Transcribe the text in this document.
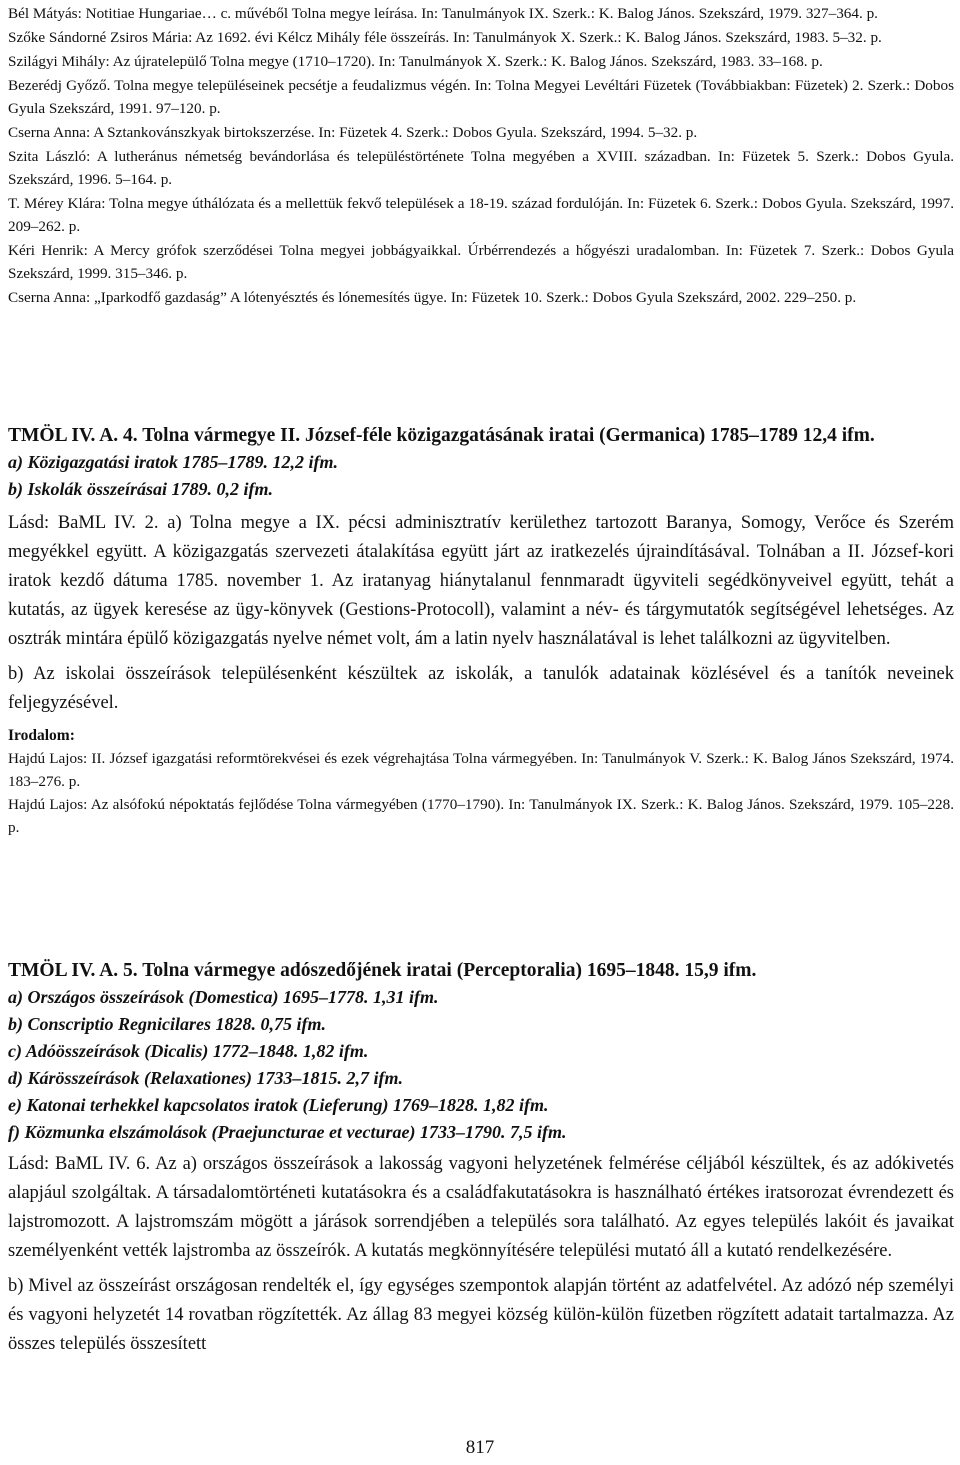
Bél Mátyás: Notitiae Hungariae… c. művéből Tolna megye leírása. In: Tanulmányok IX. Szerk.: K. Balog János. Szekszárd, 1979. 327–364. p.

Szőke Sándorné Zsiros Mária: Az 1692. évi Kélcz Mihály féle összeírás. In: Tanulmányok X. Szerk.: K. Balog János. Szekszárd, 1983. 5–32. p.

Szilágyi Mihály: Az újratelepülő Tolna megye (1710–1720). In: Tanulmányok X. Szerk.: K. Balog János. Szekszárd, 1983. 33–168. p.

Bezerédj Győző. Tolna megye településeinek pecsétje a feudalizmus végén. In: Tolna Megyei Levéltári Füzetek (Továbbiakban: Füzetek) 2. Szerk.: Dobos Gyula Szekszárd, 1991. 97–120. p.

Cserna Anna: A Sztankovánszkyak birtokszerzése. In: Füzetek 4. Szerk.: Dobos Gyula. Szekszárd, 1994. 5–32. p.

Szita László: A lutheránus németség bevándorlása és településtörténete Tolna megyében a XVIII. században. In: Füzetek 5. Szerk.: Dobos Gyula. Szekszárd, 1996. 5–164. p.

T. Mérey Klára: Tolna megye úthálózata és a mellettük fekvő települések a 18-19. század fordulóján. In: Füzetek 6. Szerk.: Dobos Gyula. Szekszárd, 1997. 209–262. p.

Kéri Henrik: A Mercy grófok szerződései Tolna megyei jobbágyaikkal. Úrbérrendezés a hőgyészi uradalomban. In: Füzetek 7. Szerk.: Dobos Gyula Szekszárd, 1999. 315–346. p.

Cserna Anna: „Iparkodfő gazdaság” A lótenyésztés és lónemesítés ügye. In: Füzetek 10. Szerk.: Dobos Gyula Szekszárd, 2002. 229–250. p.

TMÖL IV. A. 4. Tolna vármegye II. József-féle közigazgatásának iratai (Germanica) 1785–1789 12,4 ifm.

a) Közigazgatási iratok 1785–1789. 12,2 ifm.

b) Iskolák összeírásai 1789. 0,2 ifm.

Lásd: BaML IV. 2. a) Tolna megye a IX. pécsi adminisztratív kerülethez tartozott Baranya, Somogy, Verőce és Szerém megyékkel együtt. A közigazgatás szervezeti átalakítása együtt járt az iratkezelés újraindításával. Tolnában a II. József-kori iratok kezdő dátuma 1785. november 1. Az iratanyag hiánytalanul fennmaradt ügyviteli segédkönyveivel együtt, tehát a kutatás, az ügyek keresése az ügy-könyvek (Gestions-Protocoll), valamint a név- és tárgymutatók segítségével lehetséges. Az osztrák mintára épülő közigazgatás nyelve német volt, ám a latin nyelv használatával is lehet találkozni az ügyvitelben.

b) Az iskolai összeírások településenként készültek az iskolák, a tanulók adatainak közlésével és a tanítók neveinek feljegyzésével.

Irodalom:

Hajdú Lajos: II. József igazgatási reformtörekvései és ezek végrehajtása Tolna vármegyében. In: Tanulmányok V. Szerk.: K. Balog János Szekszárd, 1974. 183–276. p.

Hajdú Lajos: Az alsófokú népoktatás fejlődése Tolna vármegyében (1770–1790). In: Tanulmányok IX. Szerk.: K. Balog János. Szekszárd, 1979. 105–228. p.

TMÖL IV. A. 5. Tolna vármegye adószedőjének iratai (Perceptoralia) 1695–1848. 15,9 ifm.

a) Országos összeírások (Domestica) 1695–1778. 1,31 ifm.

b) Conscriptio Regnicilares 1828. 0,75 ifm.

c) Adóösszeírások (Dicalis) 1772–1848. 1,82 ifm.

d) Kárösszeírások (Relaxationes) 1733–1815. 2,7 ifm.

e) Katonai terhekkel kapcsolatos iratok (Lieferung) 1769–1828. 1,82 ifm.

f) Közmunka elszámolások (Praejuncturae et vecturae) 1733–1790. 7,5 ifm.

Lásd: BaML IV. 6. Az a) országos összeírások a lakosság vagyoni helyzetének felmérése céljából készültek, és az adókivetés alapjául szolgáltak. A társadalomtörténeti kutatásokra és a családfakutatásokra is használható értékes iratsorozat évrendezett és lajstromozott. A lajstromszám mögött a járások sorrendjében a település sora található. Az egyes település lakóit és javaikat személyenként vették lajstromba az összeírók. A kutatás megkönnyítésére települési mutató áll a kutató rendelkezésére.

b) Mivel az összeírást országosan rendelték el, így egységes szempontok alapján történt az adatfelvétel. Az adózó nép személyi és vagyoni helyzetét 14 rovatban rögzítették. Az állag 83 megyei község külön-külön füzetben rögzített adatait tartalmazza. Az összes település összesített

817
